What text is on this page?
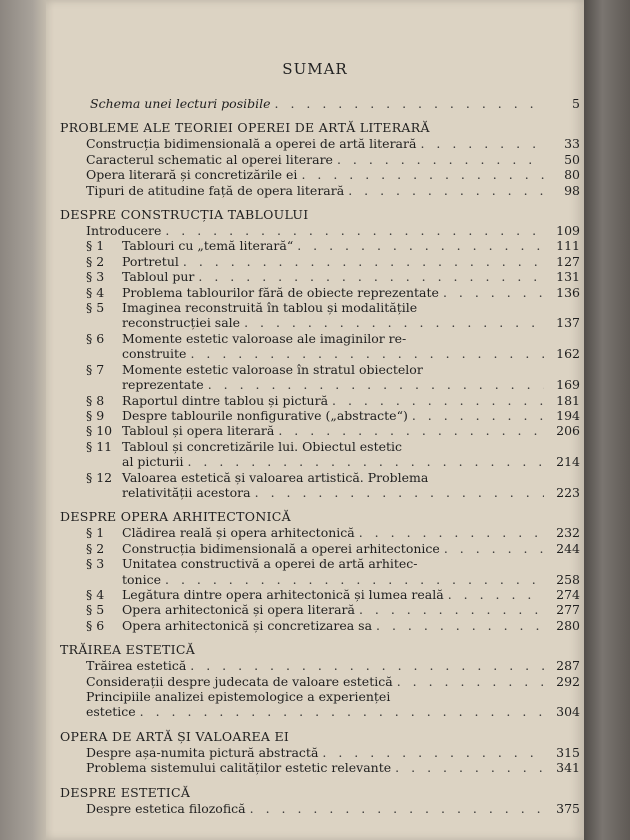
SUMAR
Schema unei lecturi posibile . . .	5
PROBLEME ALE TEORIEI OPEREI DE ARTĂ LITERARĂ
Construcția bidimensională a operei de artă literară . . .	33
Caracterul schematic al operei literare . . .	50
Opera literară și concretizările ei . . .	80
Tipuri de atitudine față de opera literară . . .	98
DESPRE CONSTRUCȚIA TABLOULUI
Introducere . . .	109
§ 1	Tablouri cu „temă literară“ . . .	111
§ 2	Portretul . . .	127
§ 3	Tabloul pur . . .	131
§ 4	Problema tablourilor fără de obiecte reprezentate . . .	136
§ 5	Imaginea reconstruită în tablou și modalitățile
reconstrucției sale . . .	137
§ 6	Momente estetic valoroase ale imaginilor re-
construite . . .	162
§ 7	Momente estetic valoroase în stratul obiectelor
reprezentate . . .	169
§ 8	Raportul dintre tablou și pictură . . .	181
§ 9	Despre tablourile nonfigurative („abstracte“) . . .	194
§ 10 Tabloul și opera literară . . .	206
§ 11 Tabloul și concretizările lui. Obiectul estetic
al picturii . . .	214
§ 12 Valoarea estetică și valoarea artistică. Problema
relativității acestora . . .	223
DESPRE OPERA ARHITECTONICĂ
§ 1	Clădirea reală și opera arhitectonică . . .	232
§ 2	Construcția bidimensională a operei arhitectonice . . .	244
§ 3	Unitatea constructivă a operei de artă arhitec-
tonice . . .	258
§ 4	Legătura dintre opera arhitectonică și lumea reală . . .	274
§ 5	Opera arhitectonică și opera literară . . .	277
§ 6	Opera arhitectonică și concretizarea sa . . .	280
TRĂIREA ESTETICĂ
Trăirea estetică . . .	287
Considerații despre judecata de valoare estetică . . .	292
Principiile analizei epistemologice a experienței
estetice . . .	304
OPERA DE ARTĂ ȘI VALOAREA EI
Despre așa-numita pictură abstractă . . .	315
Problema sistemului calităților estetic relevante . . .	341
DESPRE ESTETICĂ
Despre estetica filozofică . . .	375
